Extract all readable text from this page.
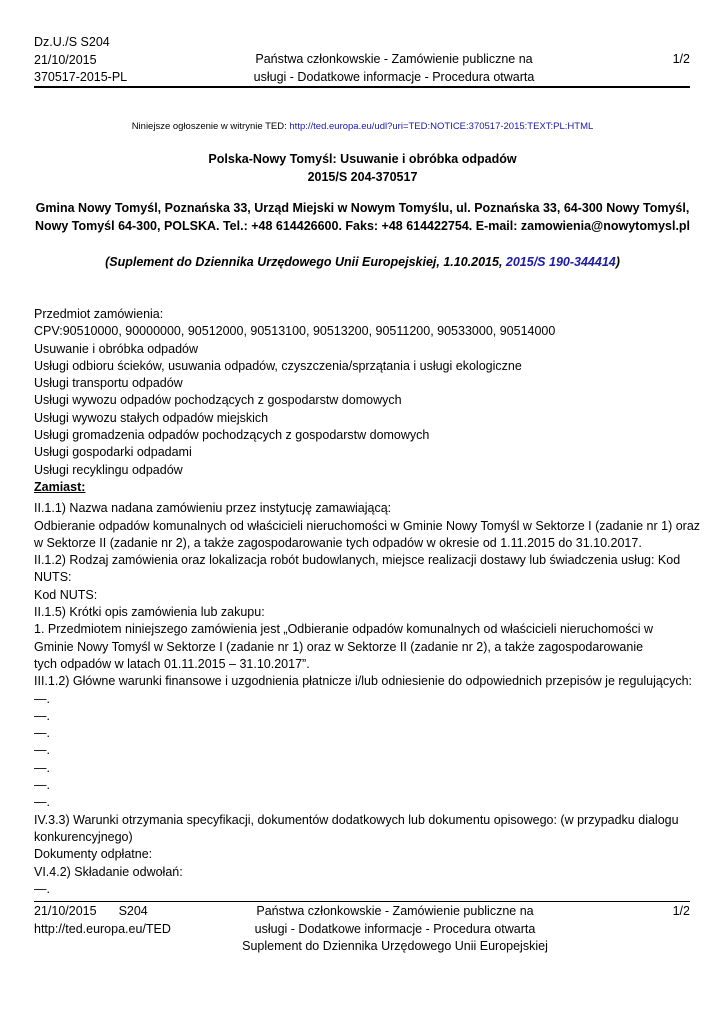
Dz.U./S S204
21/10/2015
370517-2015-PL
Państwa członkowskie - Zamówienie publiczne na
usługi - Dodatkowe informacje - Procedura otwarta
1/2
Niniejsze ogłoszenie w witrynie TED: http://ted.europa.eu/udl?uri=TED:NOTICE:370517-2015:TEXT:PL:HTML
Polska-Nowy Tomyśl: Usuwanie i obróbka odpadów
2015/S 204-370517
Gmina Nowy Tomyśl, Poznańska 33, Urząd Miejski w Nowym Tomyślu, ul. Poznańska 33, 64-300 Nowy Tomyśl, Nowy Tomyśl 64-300, POLSKA. Tel.: +48 614426600. Faks: +48 614422754. E-mail: zamowienia@nowytomysl.pl
(Suplement do Dziennika Urzędowego Unii Europejskiej, 1.10.2015, 2015/S 190-344414)
Przedmiot zamówienia:
CPV:90510000, 90000000, 90512000, 90513100, 90513200, 90511200, 90533000, 90514000
Usuwanie i obróbka odpadów
Usługi odbioru ścieków, usuwania odpadów, czyszczenia/sprzątania i usługi ekologiczne
Usługi transportu odpadów
Usługi wywozu odpadów pochodzących z gospodarstw domowych
Usługi wywozu stałych odpadów miejskich
Usługi gromadzenia odpadów pochodzących z gospodarstw domowych
Usługi gospodarki odpadami
Usługi recyklingu odpadów
Zamiast:
II.1.1) Nazwa nadana zamówieniu przez instytucję zamawiającą:
Odbieranie odpadów komunalnych od właścicieli nieruchomości w Gminie Nowy Tomyśl w Sektorze I (zadanie nr 1) oraz
w Sektorze II (zadanie nr 2), a także zagospodarowanie tych odpadów w okresie od 1.11.2015 do 31.10.2017.
II.1.2) Rodzaj zamówienia oraz lokalizacja robót budowlanych, miejsce realizacji dostawy lub świadczenia usług: Kod
NUTS:
Kod NUTS:
II.1.5) Krótki opis zamówienia lub zakupu:
1. Przedmiotem niniejszego zamówienia jest „Odbieranie odpadów komunalnych od właścicieli nieruchomości w
Gminie Nowy Tomyśl w Sektorze I (zadanie nr 1) oraz w Sektorze II (zadanie nr 2), a także zagospodarowanie
tych odpadów w latach 01.11.2015 – 31.10.2017”.
III.1.2) Główne warunki finansowe i uzgodnienia płatnicze i/lub odniesienie do odpowiednich przepisów je regulujących:
—.
—.
—.
—.
—.
—.
—.
IV.3.3) Warunki otrzymania specyfikacji, dokumentów dodatkowych lub dokumentu opisowego: (w przypadku dialogu
konkurencyjnego)
Dokumenty odpłatne:
VI.4.2) Składanie odwołań:
—.
21/10/2015 S204
http://ted.europa.eu/TED
Państwa członkowskie - Zamówienie publiczne na
usługi - Dodatkowe informacje - Procedura otwarta
Suplement do Dziennika Urzędowego Unii Europejskiej
1/2
